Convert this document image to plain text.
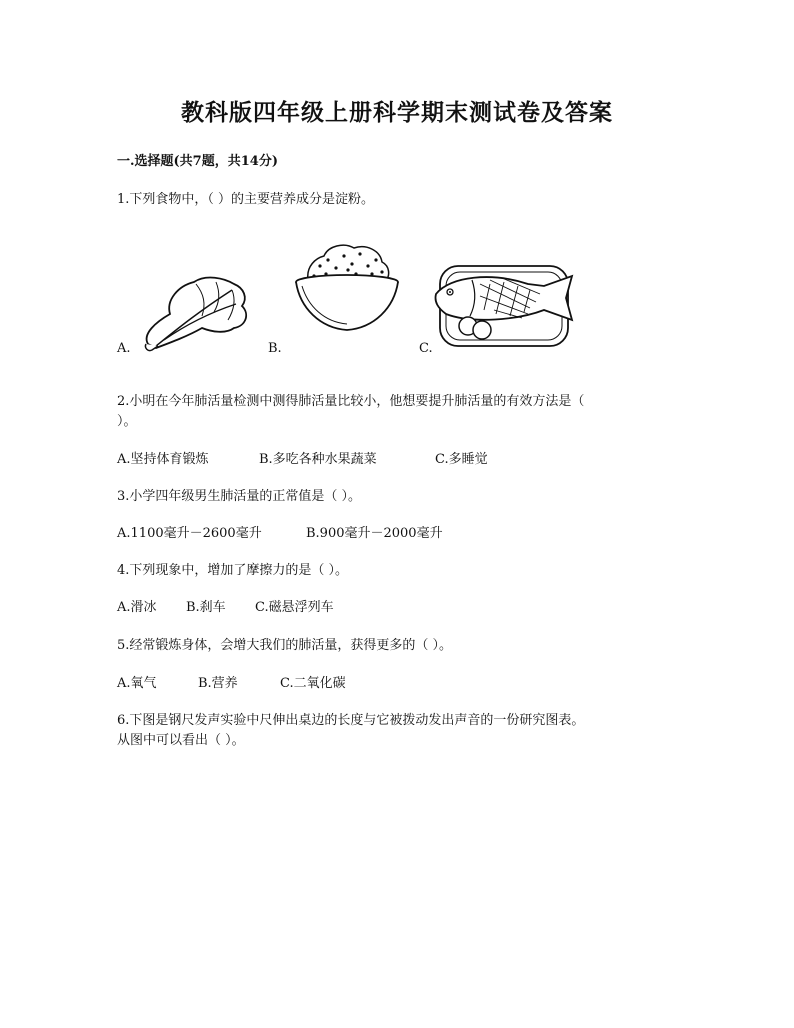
教科版四年级上册科学期末测试卷及答案
一.选择题(共7题，共14分)
1.下列食物中，（ ）的主要营养成分是淀粉。
A.	B.	C.
2.小明在今年肺活量检测中测得肺活量比较小，他想要提升肺活量的有效方法是（
）。
A.坚持体育锻炼	B.多吃各种水果蔬菜	C.多睡觉
3.小学四年级男生肺活量的正常值是（ ）。
A.1100毫升－2600毫升	B.900毫升－2000毫升
4.下列现象中，增加了摩擦力的是（ ）。
A.滑冰 B.刹车 C.磁悬浮列车
5.经常锻炼身体，会增大我们的肺活量，获得更多的（ ）。
A.氧气	B.营养	C.二氧化碳
6.下图是钢尺发声实验中尺伸出桌边的长度与它被拨动发出声音的一份研究图表。
从图中可以看出（ ）。
